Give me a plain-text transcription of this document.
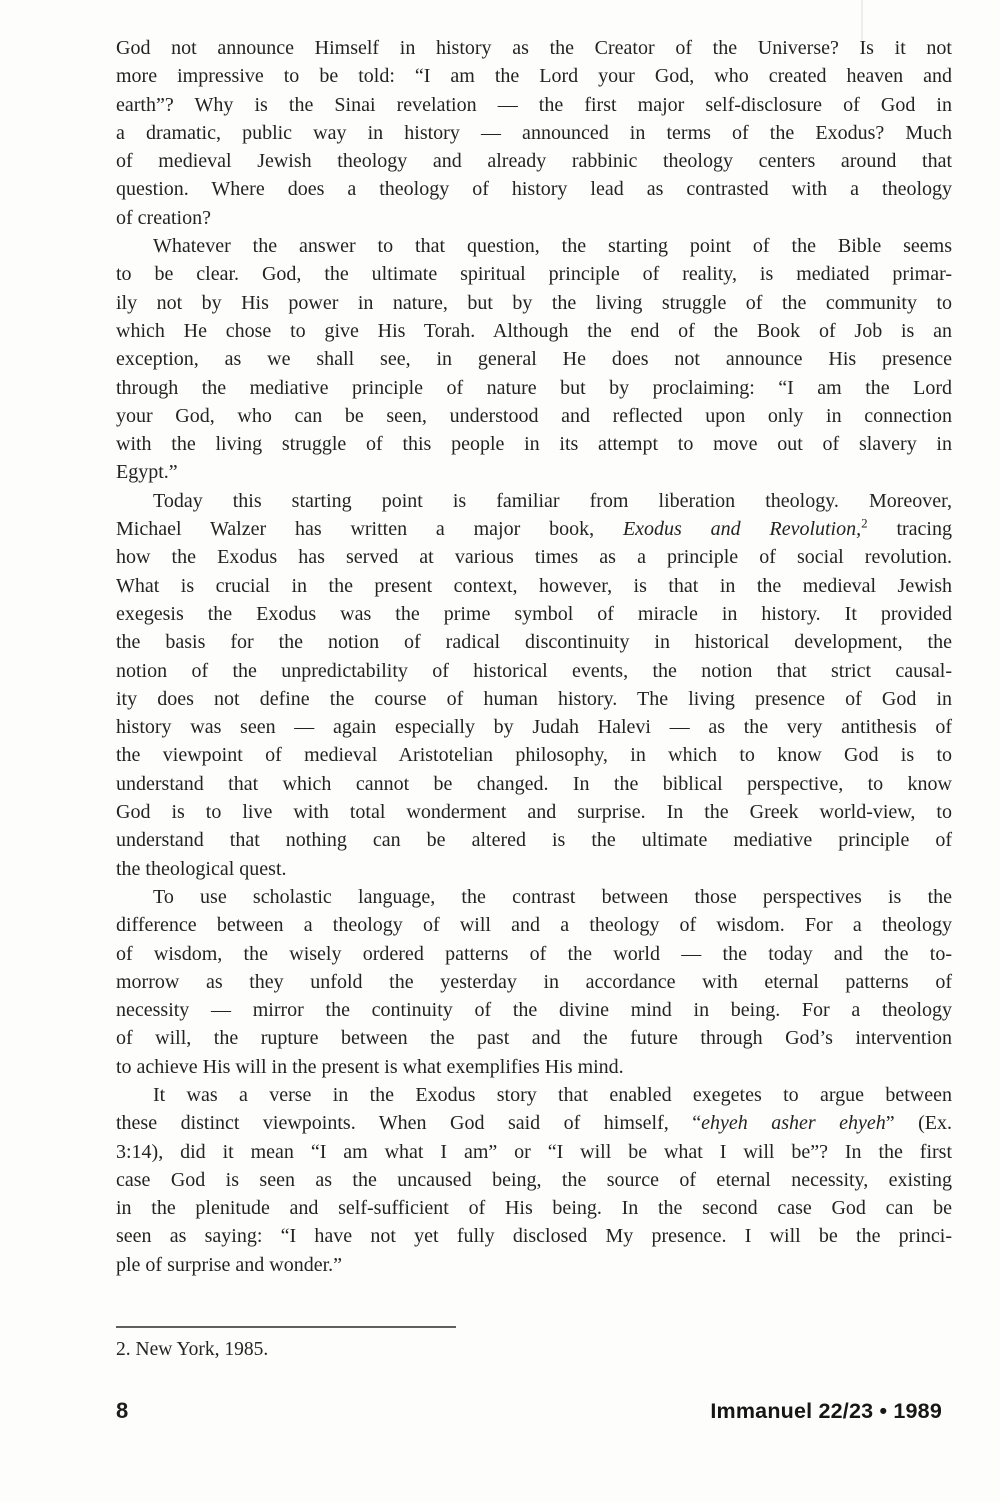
God not announce Himself in history as the Creator of the Universe? Is it not
more impressive to be told: “I am the Lord your God, who created heaven and
earth”? Why is the Sinai revelation — the first major self-disclosure of God in
a dramatic, public way in history — announced in terms of the Exodus? Much
of medieval Jewish theology and already rabbinic theology centers around that
question. Where does a theology of history lead as contrasted with a theology
of creation?
Whatever the answer to that question, the starting point of the Bible seems
to be clear. God, the ultimate spiritual principle of reality, is mediated primar-
ily not by His power in nature, but by the living struggle of the community to
which He chose to give His Torah. Although the end of the Book of Job is an
exception, as we shall see, in general He does not announce His presence
through the mediative principle of nature but by proclaiming: “I am the Lord
your God, who can be seen, understood and reflected upon only in connection
with the living struggle of this people in its attempt to move out of slavery in
Egypt.”
Today this starting point is familiar from liberation theology. Moreover,
Michael Walzer has written a major book, Exodus and Revolution,$^2$ tracing
how the Exodus has served at various times as a principle of social revolution.
What is crucial in the present context, however, is that in the medieval Jewish
exegesis the Exodus was the prime symbol of miracle in history. It provided
the basis for the notion of radical discontinuity in historical development, the
notion of the unpredictability of historical events, the notion that strict causal-
ity does not define the course of human history. The living presence of God in
history was seen — again especially by Judah Halevi — as the very antithesis of
the viewpoint of medieval Aristotelian philosophy, in which to know God is to
understand that which cannot be changed. In the biblical perspective, to know
God is to live with total wonderment and surprise. In the Greek world-view, to
understand that nothing can be altered is the ultimate mediative principle of
the theological quest.
To use scholastic language, the contrast between those perspectives is the
difference between a theology of will and a theology of wisdom. For a theology
of wisdom, the wisely ordered patterns of the world — the today and the to-
morrow as they unfold the yesterday in accordance with eternal patterns of
necessity — mirror the continuity of the divine mind in being. For a theology
of will, the rupture between the past and the future through God’s intervention
to achieve His will in the present is what exemplifies His mind.
It was a verse in the Exodus story that enabled exegetes to argue between
these distinct viewpoints. When God said of himself, “ehyeh asher ehyeh” (Ex.
3:14), did it mean “I am what I am” or “I will be what I will be”? In the first
case God is seen as the uncaused being, the source of eternal necessity, existing
in the plenitude and self-sufficient of His being. In the second case God can be
seen as saying: “I have not yet fully disclosed My presence. I will be the princi-
ple of surprise and wonder.”
2. New York, 1985.
8	Immanuel 22/23 • 1989
